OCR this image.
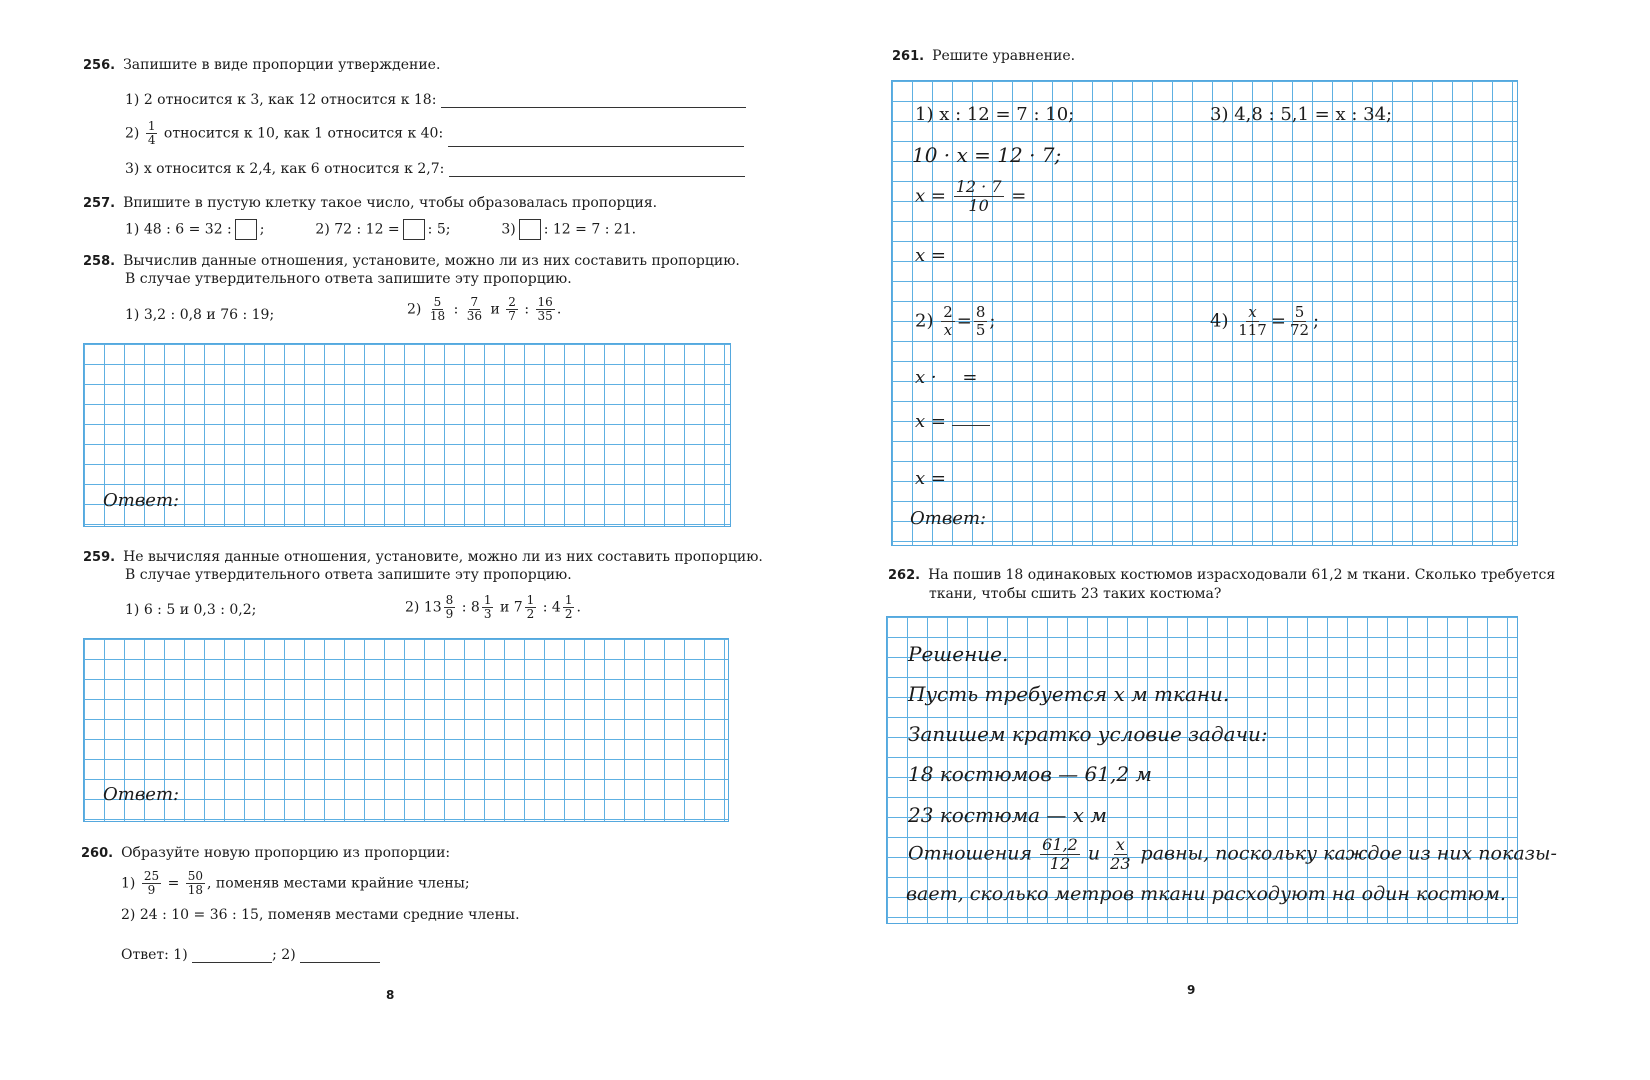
256. Запишите в виде пропорции утверждение.
1) 2 относится к 3, как 12 относится к 18:
$2) \frac{1}{4}$ относится к 10, как 1 относится к 40:
3) x относится к 2,4, как 6 относится к 2,7:
257. Впишите в пустую клетку такое число, чтобы образовалась пропорция.
1) 48 : 6 = 32 : ;	2) 72 : 12 = : 5;	3) : 12 = 7 : 21.
258. Вычислив данные отношения, установите, можно ли из них составить пропорцию.
В случае утвердительного ответа запишите эту пропорцию.
1) 3,2 : 0,8 и 76 : 19;	$2) \frac{5}{18}$ : $\frac{7}{36}$ и $\frac{2}{7}$ : $\frac{16}{35}$ .
Ответ:
259. Не вычисляя данные отношения, установите, можно ли из них составить пропорцию.
В случае утвердительного ответа запишите эту пропорцию.
1) 6 : 5 и 0,3 : 0,2;	2) $13 \frac{8}{9}$ : $8 \frac{1}{3}$ и $7 \frac{1}{2}$ : $4 \frac{1}{2}$ .
Ответ:
260. Образуйте новую пропорцию из пропорции:
$1) \frac{25}{9} = \frac{50}{18}$ , поменяв местами крайние члены;
2) 24 : 10 = 36 : 15, поменяв местами средние члены.
Ответ: 1)	; 2)
8
261. Решите уравнение.
1) x : 12 = 7 : 10;	3) 4,8 : 5,1 = x : 34;
10 · x = 12 · 7;
$x = \frac{12 \cdot 7}{10}$ =
x =
$2) \frac{2}{x} = \frac{8}{5}$ ;	$4) \frac{x}{117} = \frac{5}{72}$ ;
x · =
x =
x =
Ответ:
262. На пошив 18 одинаковых костюмов израсходовали 61,2 м ткани. Сколько требуется
ткани, чтобы сшить 23 таких костюма?
Решение.
Пусть требуется x м ткани.
Запишем кратко условие задачи:
18 костюмов — 61,2 м
23 костюма — x м
Отношения $\frac{61,2}{12}$ и $\frac{x}{23}$ равны, поскольку каждое из них показы-
вает, сколько метров ткани расходуют на один костюм.
9
